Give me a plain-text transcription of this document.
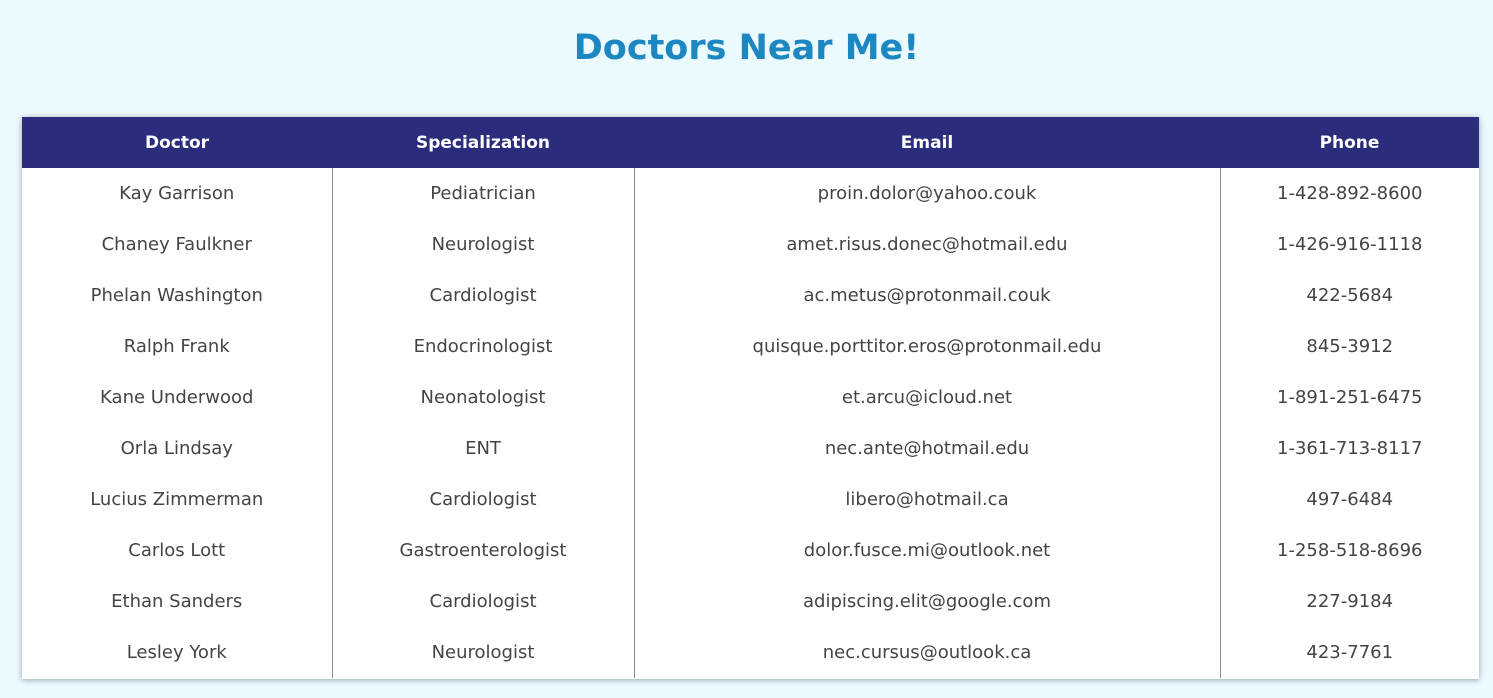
Doctors Near Me!
Doctor	Specialization	Email	Phone
Kay Garrison	Pediatrician	proin.dolor@yahoo.couk	1-428-892-8600
Chaney Faulkner	Neurologist	amet.risus.donec@hotmail.edu	1-426-916-1118
Phelan Washington	Cardiologist	ac.metus@protonmail.couk	422-5684
Ralph Frank	Endocrinologist	quisque.porttitor.eros@protonmail.edu	845-3912
Kane Underwood	Neonatologist	et.arcu@icloud.net	1-891-251-6475
Orla Lindsay	ENT	nec.ante@hotmail.edu	1-361-713-8117
Lucius Zimmerman	Cardiologist	libero@hotmail.ca	497-6484
Carlos Lott	Gastroenterologist	dolor.fusce.mi@outlook.net	1-258-518-8696
Ethan Sanders	Cardiologist	adipiscing.elit@google.com	227-9184
Lesley York	Neurologist	nec.cursus@outlook.ca	423-7761
